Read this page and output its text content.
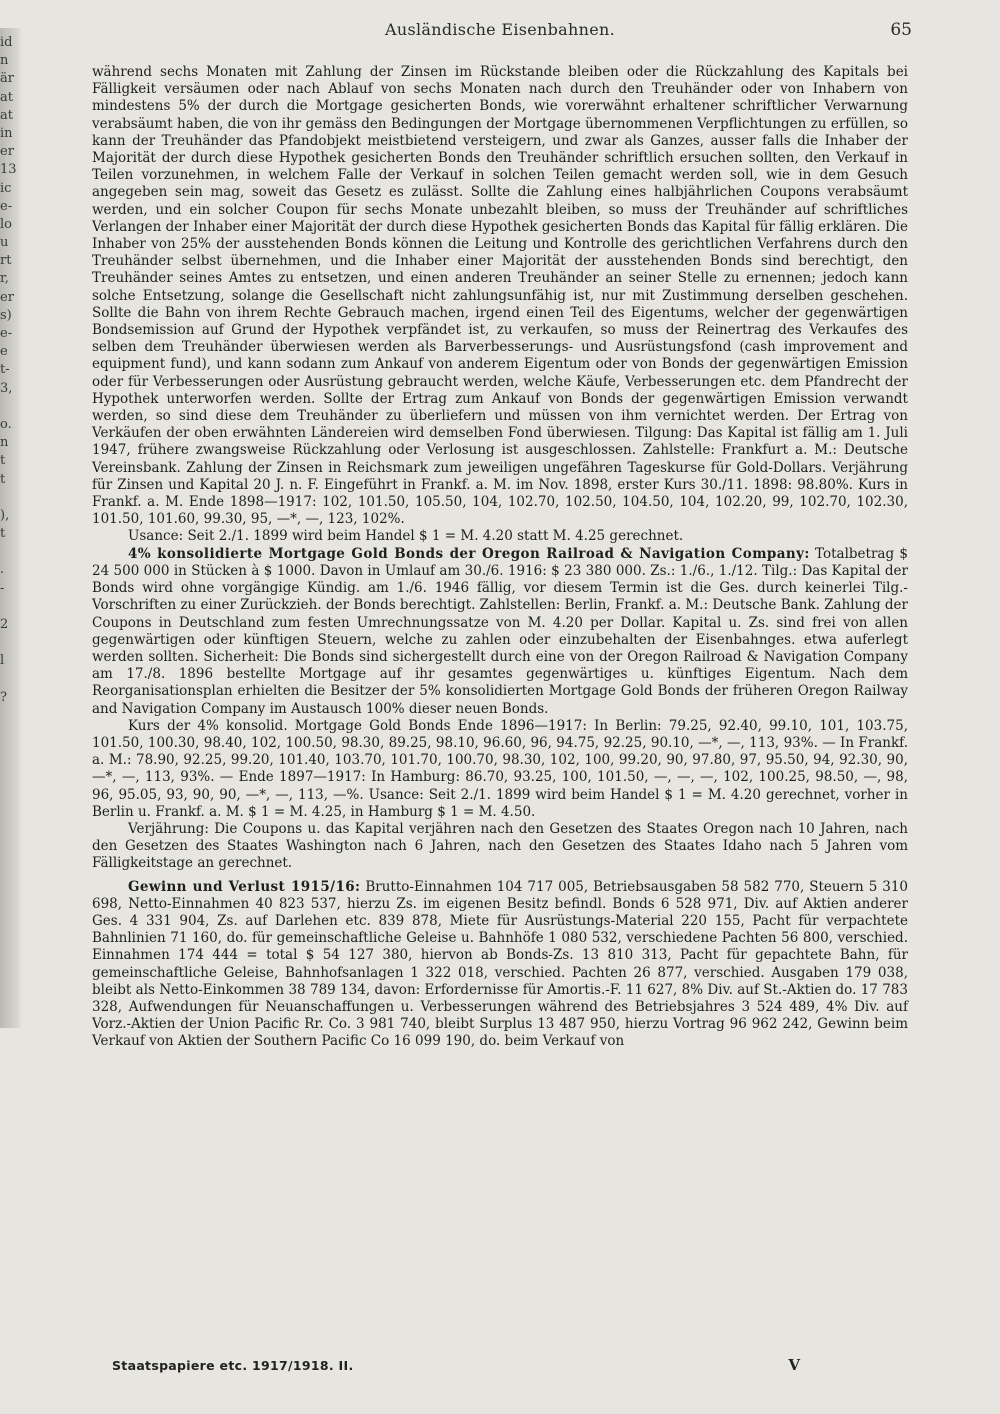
id
n
är
at
at
in
er
13
ic
e-
lo
u
rt
r,
er
s)
e-
e
t-
3,
o.
n
t
t
),
t
.
-
2
l
?
Ausländische Eisenbahnen.	65

während sechs Monaten mit Zahlung der Zinsen im Rückstande bleiben oder die Rückzahlung des Kapitals bei Fälligkeit versäumen oder nach Ablauf von sechs Monaten nach durch den Treuhänder oder von Inhabern von mindestens 5% der durch die Mortgage gesicherten Bonds, wie vorerwähnt erhaltener schriftlicher Verwarnung verabsäumt haben, die von ihr gemäss den Bedingungen der Mortgage übernommenen Verpflichtungen zu erfüllen, so kann der Treuhänder das Pfandobjekt meistbietend versteigern, und zwar als Ganzes, ausser falls die Inhaber der Majorität der durch diese Hypothek gesicherten Bonds den Treuhänder schriftlich ersuchen sollten, den Verkauf in Teilen vorzunehmen, in welchem Falle der Verkauf in solchen Teilen gemacht werden soll, wie in dem Gesuch angegeben sein mag, soweit das Gesetz es zulässt. Sollte die Zahlung eines halbjährlichen Coupons verabsäumt werden, und ein solcher Coupon für sechs Monate unbezahlt bleiben, so muss der Treuhänder auf schriftliches Verlangen der Inhaber einer Majorität der durch diese Hypothek gesicherten Bonds das Kapital für fällig erklären. Die Inhaber von 25% der ausstehenden Bonds können die Leitung und Kontrolle des gerichtlichen Verfahrens durch den Treuhänder selbst übernehmen, und die Inhaber einer Majorität der ausstehenden Bonds sind berechtigt, den Treuhänder seines Amtes zu entsetzen, und einen anderen Treuhänder an seiner Stelle zu ernennen; jedoch kann solche Entsetzung, solange die Gesellschaft nicht zahlungsunfähig ist, nur mit Zustimmung derselben geschehen. Sollte die Bahn von ihrem Rechte Gebrauch machen, irgend einen Teil des Eigentums, welcher der gegenwärtigen Bondsemission auf Grund der Hypothek verpfändet ist, zu verkaufen, so muss der Reinertrag des Verkaufes des selben dem Treuhänder überwiesen werden als Barverbesserungs- und Ausrüstungsfond (cash improvement and equipment fund), und kann sodann zum Ankauf von anderem Eigentum oder von Bonds der gegenwärtigen Emission oder für Verbesserungen oder Ausrüstung gebraucht werden, welche Käufe, Verbesserungen etc. dem Pfandrecht der Hypothek unterworfen werden. Sollte der Ertrag zum Ankauf von Bonds der gegenwärtigen Emission verwandt werden, so sind diese dem Treuhänder zu überliefern und müssen von ihm vernichtet werden. Der Ertrag von Verkäufen der oben erwähnten Ländereien wird demselben Fond überwiesen. Tilgung: Das Kapital ist fällig am 1. Juli 1947, frühere zwangsweise Rückzahlung oder Verlosung ist ausgeschlossen. Zahlstelle: Frankfurt a. M.: Deutsche Vereinsbank. Zahlung der Zinsen in Reichsmark zum jeweiligen ungefähren Tageskurse für Gold-Dollars. Verjährung für Zinsen und Kapital 20 J. n. F. Eingeführt in Frankf. a. M. im Nov. 1898, erster Kurs 30./11. 1898: 98.80%. Kurs in Frankf. a. M. Ende 1898—1917: 102, 101.50, 105.50, 104, 102.70, 102.50, 104.50, 104, 102.20, 99, 102.70, 102.30, 101.50, 101.60, 99.30, 95, —*, —, 123, 102%.

Usance: Seit 2./1. 1899 wird beim Handel $ 1 = M. 4.20 statt M. 4.25 gerechnet.

4% konsolidierte Mortgage Gold Bonds der Oregon Railroad & Navigation Company: Totalbetrag $ 24 500 000 in Stücken à $ 1000. Davon in Umlauf am 30./6. 1916: $ 23 380 000. Zs.: 1./6., 1./12. Tilg.: Das Kapital der Bonds wird ohne vorgängige Kündig. am 1./6. 1946 fällig, vor diesem Termin ist die Ges. durch keinerlei Tilg.-Vorschriften zu einer Zurückzieh. der Bonds berechtigt. Zahlstellen: Berlin, Frankf. a. M.: Deutsche Bank. Zahlung der Coupons in Deutschland zum festen Umrechnungssatze von M. 4.20 per Dollar. Kapital u. Zs. sind frei von allen gegenwärtigen oder künftigen Steuern, welche zu zahlen oder einzubehalten der Eisenbahnges. etwa auferlegt werden sollten. Sicherheit: Die Bonds sind sichergestellt durch eine von der Oregon Railroad & Navigation Company am 17./8. 1896 bestellte Mortgage auf ihr gesamtes gegenwärtiges u. künftiges Eigentum. Nach dem Reorganisationsplan erhielten die Besitzer der 5% konsolidierten Mortgage Gold Bonds der früheren Oregon Railway and Navigation Company im Austausch 100% dieser neuen Bonds.

Kurs der 4% konsolid. Mortgage Gold Bonds Ende 1896—1917: In Berlin: 79.25, 92.40, 99.10, 101, 103.75, 101.50, 100.30, 98.40, 102, 100.50, 98.30, 89.25, 98.10, 96.60, 96, 94.75, 92.25, 90.10, —*, —, 113, 93%. — In Frankf. a. M.: 78.90, 92.25, 99.20, 101.40, 103.70, 101.70, 100.70, 98.30, 102, 100, 99.20, 90, 97.80, 97, 95.50, 94, 92.30, 90, —*, —, 113, 93%. — Ende 1897—1917: In Hamburg: 86.70, 93.25, 100, 101.50, —, —, —, 102, 100.25, 98.50, —, 98, 96, 95.05, 93, 90, 90, —*, —, 113, —%. Usance: Seit 2./1. 1899 wird beim Handel $ 1 = M. 4.20 gerechnet, vorher in Berlin u. Frankf. a. M. $ 1 = M. 4.25, in Hamburg $ 1 = M. 4.50.

Verjährung: Die Coupons u. das Kapital verjähren nach den Gesetzen des Staates Oregon nach 10 Jahren, nach den Gesetzen des Staates Washington nach 6 Jahren, nach den Gesetzen des Staates Idaho nach 5 Jahren vom Fälligkeitstage an gerechnet.

Gewinn und Verlust 1915/16: Brutto-Einnahmen 104 717 005, Betriebsausgaben 58 582 770, Steuern 5 310 698, Netto-Einnahmen 40 823 537, hierzu Zs. im eigenen Besitz befindl. Bonds 6 528 971, Div. auf Aktien anderer Ges. 4 331 904, Zs. auf Darlehen etc. 839 878, Miete für Ausrüstungs-Material 220 155, Pacht für verpachtete Bahnlinien 71 160, do. für gemeinschaftliche Geleise u. Bahnhöfe 1 080 532, verschiedene Pachten 56 800, verschied. Einnahmen 174 444 = total $ 54 127 380, hiervon ab Bonds-Zs. 13 810 313, Pacht für gepachtete Bahn, für gemeinschaftliche Geleise, Bahnhofsanlagen 1 322 018, verschied. Pachten 26 877, verschied. Ausgaben 179 038, bleibt als Netto-Einkommen 38 789 134, davon: Erfordernisse für Amortis.-F. 11 627, 8% Div. auf St.-Aktien do. 17 783 328, Aufwendungen für Neuanschaffungen u. Verbesserungen während des Betriebsjahres 3 524 489, 4% Div. auf Vorz.-Aktien der Union Pacific Rr. Co. 3 981 740, bleibt Surplus 13 487 950, hierzu Vortrag 96 962 242, Gewinn beim Verkauf von Aktien der Southern Pacific Co 16 099 190, do. beim Verkauf von

Staatspapiere etc. 1917/1918. II.	V
